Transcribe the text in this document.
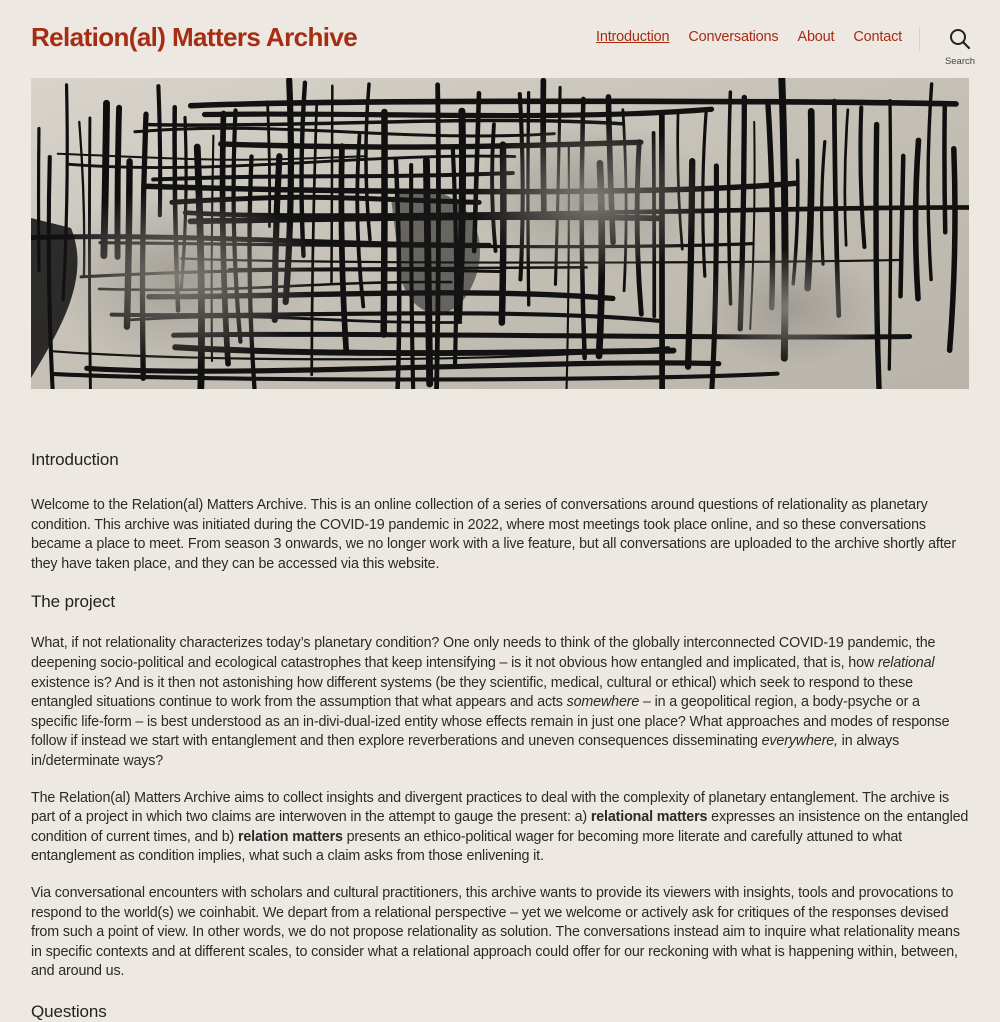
Relation(al) Matters Archive	Introduction Conversations About Contact
Search
Introduction

Welcome to the Relation(al) Matters Archive. This is an online collection of a series of conversations around questions of relationality as planetary condition. This archive was initiated during the COVID-19 pandemic in 2022, where most meetings took place online, and so these conversations became a place to meet. From season 3 onwards, we no longer work with a live feature, but all conversations are uploaded to the archive shortly after they have taken place, and they can be accessed via this website.

The project

What, if not relationality characterizes today’s planetary condition? One only needs to think of the globally interconnected COVID-19 pandemic, the deepening socio-political and ecological catastrophes that keep intensifying – is it not obvious how entangled and implicated, that is, how relational existence is? And is it then not astonishing how different systems (be they scientific, medical, cultural or ethical) which seek to respond to these entangled situations continue to work from the assumption that what appears and acts somewhere – in a geopolitical region, a body-psyche or a specific life-form – is best understood as an in-divi-dual-ized entity whose effects remain in just one place? What approaches and modes of response follow if instead we start with entanglement and then explore reverberations and uneven consequences disseminating everywhere, in always in/determinate ways?

The Relation(al) Matters Archive aims to collect insights and divergent practices to deal with the complexity of planetary entanglement. The archive is part of a project in which two claims are interwoven in the attempt to gauge the present: a) relational matters expresses an insistence on the entangled condition of current times, and b) relation matters presents an ethico-political wager for becoming more literate and carefully attuned to what entanglement as condition implies, what such a claim asks from those enlivening it.

Via conversational encounters with scholars and cultural practitioners, this archive wants to provide its viewers with insights, tools and provocations to respond to the world(s) we coinhabit. We depart from a relational perspective – yet we welcome or actively ask for critiques of the responses devised from such a point of view. In other words, we do not propose relationality as solution. The conversations instead aim to inquire what relationality means in specific contexts and at different scales, to consider what a relational approach could offer for our reckoning with what is happening within, between, and around us.

Questions
